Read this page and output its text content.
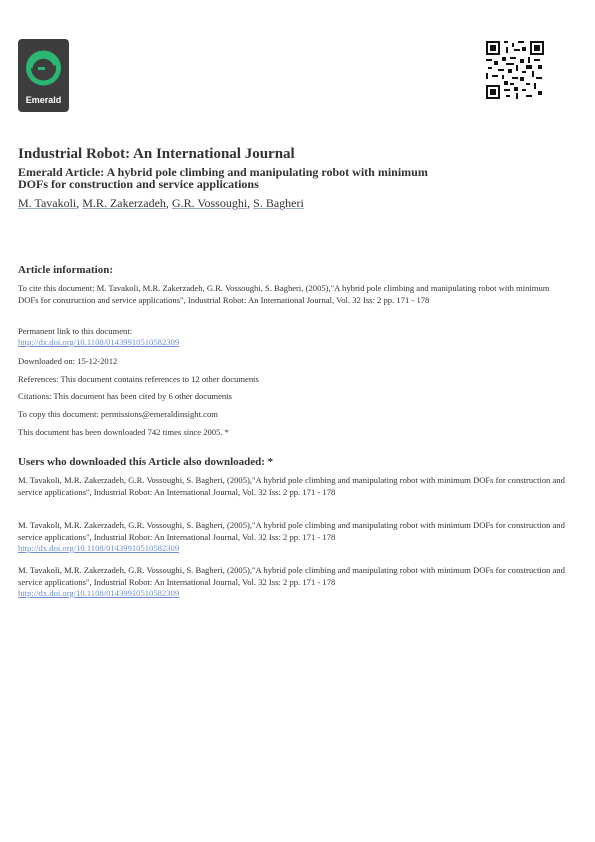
Emerald
Industrial Robot: An International Journal
Emerald Article: A hybrid pole climbing and manipulating robot with minimum DOFs for construction and service applications
M. Tavakoli, M.R. Zakerzadeh, G.R. Vossoughi, S. Bagheri
Article information:
To cite this document: M. Tavakoli, M.R. Zakerzadeh, G.R. Vossoughi, S. Bagheri, (2005),"A hybrid pole climbing and manipulating robot with minimum DOFs for construction and service applications", Industrial Robot: An International Journal, Vol. 32 Iss: 2 pp. 171 - 178
Permanent link to this document:
http://dx.doi.org/10.1108/01439910510582309
Downloaded on: 15-12-2012
References: This document contains references to 12 other documents
Citations: This document has been cited by 6 other documents
To copy this document: permissions@emeraldinsight.com
This document has been downloaded 742 times since 2005. *
Users who downloaded this Article also downloaded: *
M. Tavakoli, M.R. Zakerzadeh, G.R. Vossoughi, S. Bagheri, (2005),"A hybrid pole climbing and manipulating robot with minimum DOFs for construction and service applications", Industrial Robot: An International Journal, Vol. 32 Iss: 2 pp. 171 - 178
M. Tavakoli, M.R. Zakerzadeh, G.R. Vossoughi, S. Bagheri, (2005),"A hybrid pole climbing and manipulating robot with minimum DOFs for construction and service applications", Industrial Robot: An International Journal, Vol. 32 Iss: 2 pp. 171 - 178
http://dx.doi.org/10.1108/01439910510582309
M. Tavakoli, M.R. Zakerzadeh, G.R. Vossoughi, S. Bagheri, (2005),"A hybrid pole climbing and manipulating robot with minimum DOFs for construction and service applications", Industrial Robot: An International Journal, Vol. 32 Iss: 2 pp. 171 - 178
http://dx.doi.org/10.1108/01439910510582309
